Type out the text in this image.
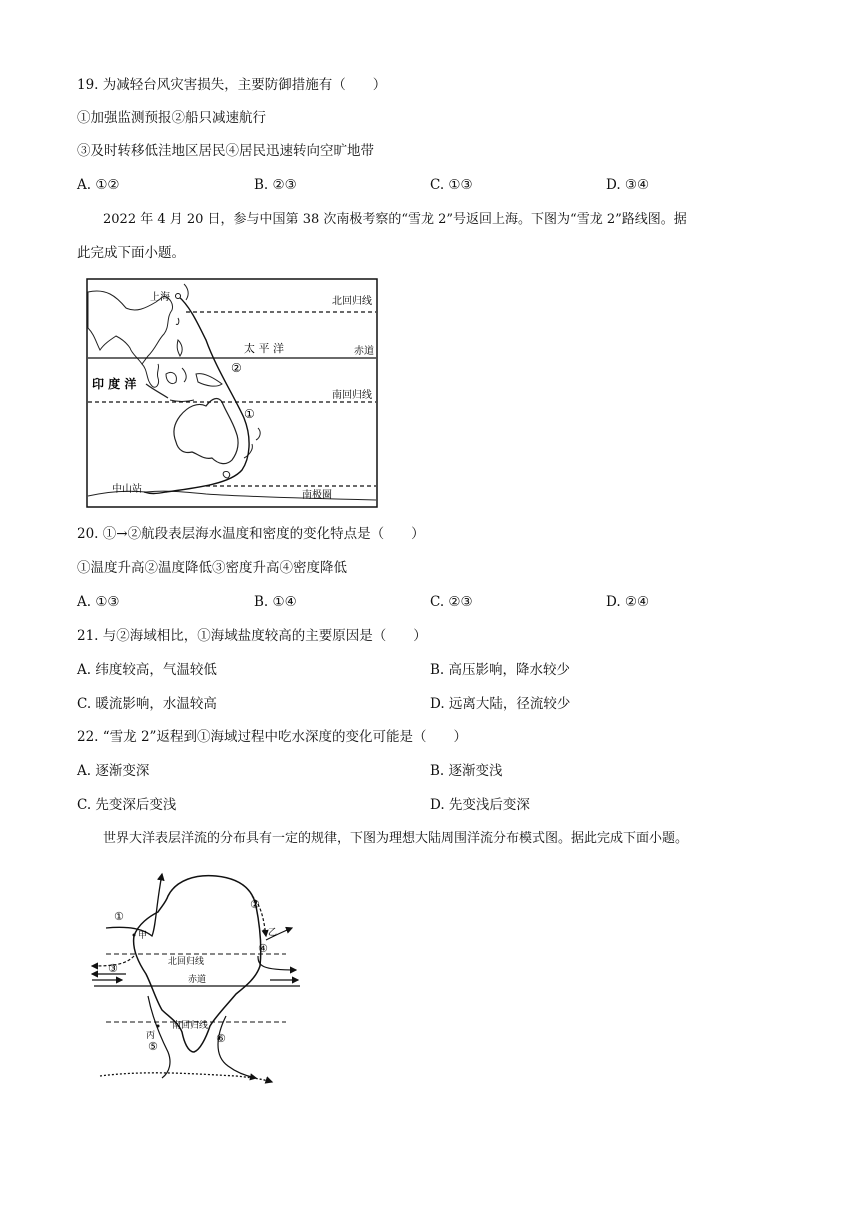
19. 为减轻台风灾害损失，主要防御措施有（　　）
①加强监测预报②船只减速航行
③及时转移低洼地区居民④居民迅速转向空旷地带
A. ①②	B. ②③	C. ①③	D. ③④
2022 年 4 月 20 日，参与中国第 38 次南极考察的“雪龙 2”号返回上海。下图为“雪龙 2”路线图。据
此完成下面小题。
上海	北回归线
太 平 洋	赤道
②
印 度 洋
南回归线
①
中山站
南极圈
20. ①→②航段表层海水温度和密度的变化特点是（　　）
①温度升高②温度降低③密度升高④密度降低
A. ①③	B. ①④	C. ②③	D. ②④
21. 与②海域相比，①海域盐度较高的主要原因是（　　）
A. 纬度较高，气温较低	B. 高压影响，降水较少
C. 暖流影响，水温较高	D. 远离大陆，径流较少
22. “雪龙 2”返程到①海域过程中吃水深度的变化可能是（　　）
A. 逐渐变深	B. 逐渐变浅
C. 先变深后变浅	D. 先变浅后变深
世界大洋表层洋流的分布具有一定的规律，下图为理想大陆周围洋流分布模式图。据此完成下面小题。
①
甲
②
乙
④
③	北回归线
赤道
南回归线
丙
⑤
⑥
